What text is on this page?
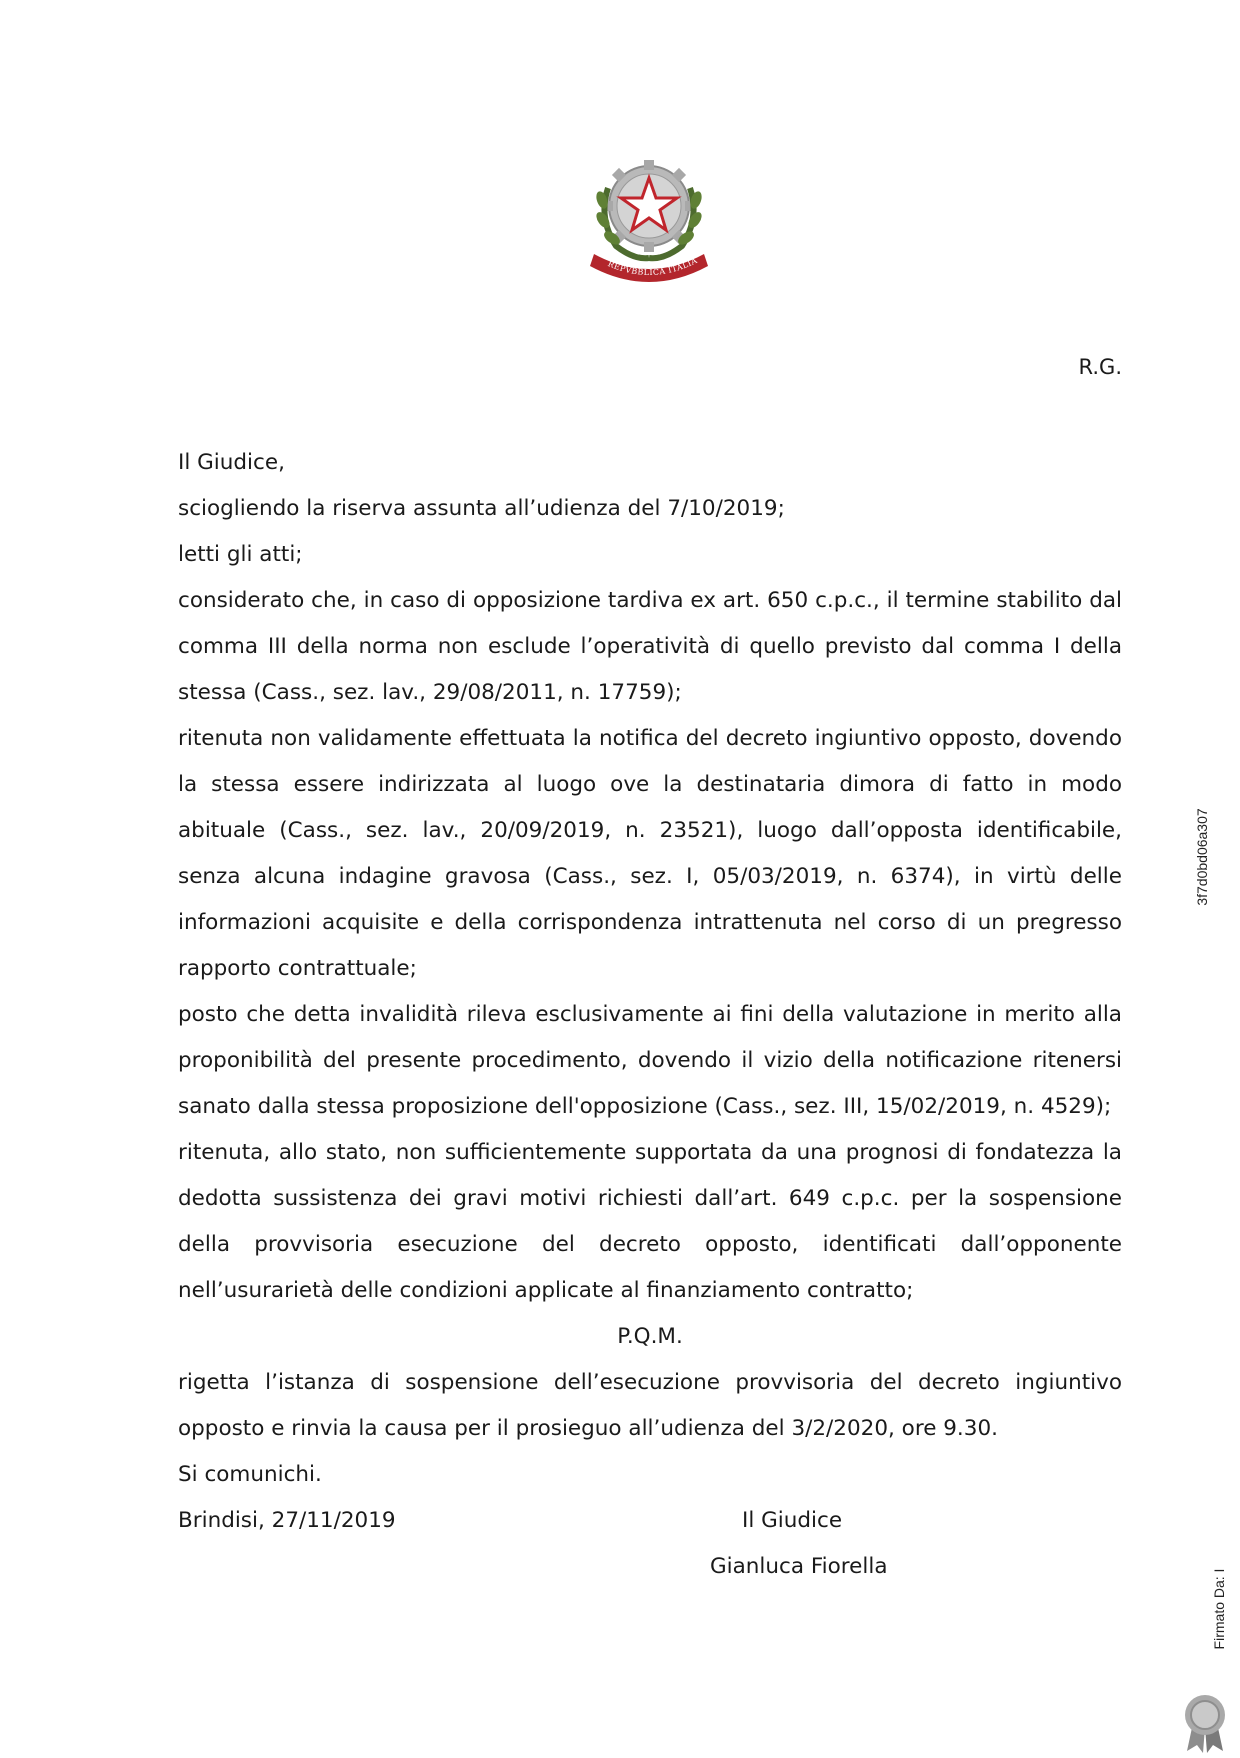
REPVBBLICA ITALIA
R.G.

Il Giudice,

sciogliendo la riserva assunta all’udienza del 7/10/2019;

letti gli atti;

considerato che, in caso di opposizione tardiva ex art. 650 c.p.c., il termine stabilito dal comma III della norma non esclude l’operatività di quello previsto dal comma I della stessa (Cass., sez. lav., 29/08/2011, n. 17759);

ritenuta non validamente effettuata la notifica del decreto ingiuntivo opposto, dovendo la stessa essere indirizzata al luogo ove la destinataria dimora di fatto in modo abituale (Cass., sez. lav., 20/09/2019, n. 23521), luogo dall’opposta identificabile, senza alcuna indagine gravosa (Cass., sez. I, 05/03/2019, n. 6374), in virtù delle informazioni acquisite e della corrispondenza intrattenuta nel corso di un pregresso rapporto contrattuale;

posto che detta invalidità rileva esclusivamente ai fini della valutazione in merito alla proponibilità del presente procedimento, dovendo il vizio della notificazione ritenersi sanato dalla stessa proposizione dell'opposizione (Cass., sez. III, 15/02/2019, n. 4529);

ritenuta, allo stato, non sufficientemente supportata da una prognosi di fondatezza la dedotta sussistenza dei gravi motivi richiesti dall’art. 649 c.p.c. per la sospensione della provvisoria esecuzione del decreto opposto, identificati dall’opponente nell’usurarietà delle condizioni applicate al finanziamento contratto;

P.Q.M.

rigetta l’istanza di sospensione dell’esecuzione provvisoria del decreto ingiuntivo opposto e rinvia la causa per il prosieguo all’udienza del 3/2/2020, ore 9.30.

Si comunichi.

Brindisi, 27/11/2019	Il Giudice
Gianluca Fiorella
3f7d0bd06a307
Firmato Da: I
